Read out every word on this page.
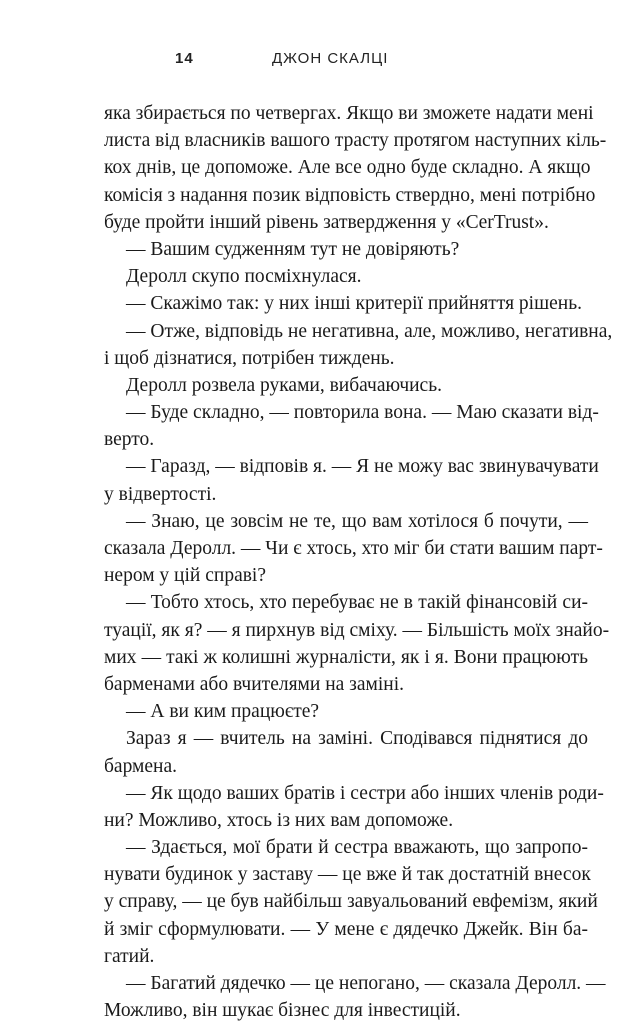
14	ДЖОН СКАЛЦІ
яка збирається по четвергах. Якщо ви зможете надати мені
листа від власників вашого трасту протягом наступних кіль-
кох днів, це допоможе. Але все одно буде складно. А якщо
комісія з надання позик відповість ствердно, мені потрібно
буде пройти інший рівень затвердження у «CerTrust».
— Вашим судженням тут не довіряють?
Деролл скупо посміхнулася.
— Скажімо так: у них інші критерії прийняття рішень.
— Отже, відповідь не негативна, але, можливо, негативна,
і щоб дізнатися, потрібен тиждень.
Деролл розвела руками, вибачаючись.
— Буде складно, — повторила вона. — Маю сказати від-
верто.
— Гаразд, — відповів я. — Я не можу вас звинувачувати
у відвертості.
— Знаю, це зовсім не те, що вам хотілося б почути, —
сказала Деролл. — Чи є хтось, хто міг би стати вашим парт-
нером у цій справі?
— Тобто хтось, хто перебуває не в такій фінансовій си-
туації, як я? — я пирхнув від сміху. — Більшість моїх знайо-
мих — такі ж колишні журналісти, як і я. Вони працюють
барменами або вчителями на заміні.
— А ви ким працюєте?
Зараз я — вчитель на заміні. Сподівався піднятися до
бармена.
— Як щодо ваших братів і сестри або інших членів роди-
ни? Можливо, хтось із них вам допоможе.
— Здається, мої брати й сестра вважають, що запропо-
нувати будинок у заставу — це вже й так достатній внесок
у справу, — це був найбільш завуальований евфемізм, який
й зміг сформулювати. — У мене є дядечко Джейк. Він ба-
гатий.
— Багатий дядечко — це непогано, — сказала Деролл. —
Можливо, він шукає бізнес для інвестицій.
